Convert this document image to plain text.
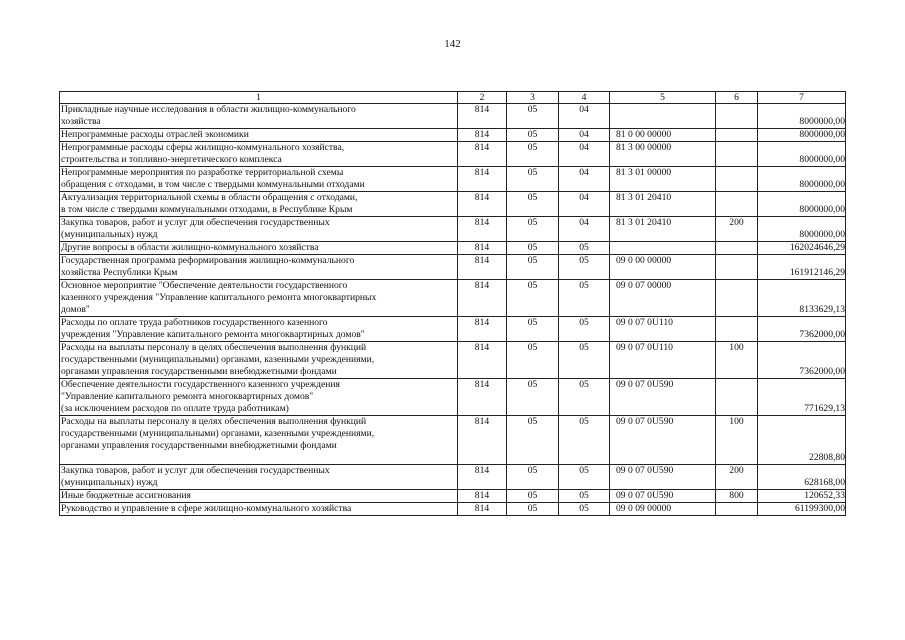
142
1	2	3	4	5	6	7

Прикладные научные исследования в области жилищно-коммунального
хозяйства	814	05	04			8000000,00

Непрограммные расходы отраслей экономики	814	05	04	81 0 00 00000		8000000,00

Непрограммные расходы сферы жилищно-коммунального хозяйства,
строительства и топливно-энергетического комплекса	814	05	04	81 3 00 00000		8000000,00

Непрограммные мероприятия по разработке территориальной схемы
обращения с отходами, в том числе с твердыми коммунальными отходами	814	05	04	81 3 01 00000		8000000,00

Актуализация территориальной схемы в области обращения с отходами,
в том числе с твердыми коммунальными отходами, в Республике Крым	814	05	04	81 3 01 20410		8000000,00

Закупка товаров, работ и услуг для обеспечения государственных
(муниципальных) нужд	814	05	04	81 3 01 20410	200	8000000,00

Другие вопросы в области жилищно-коммунального хозяйства	814	05	05			162024646,29

Государственная программа реформирования жилищно-коммунального
хозяйства Республики Крым	814	05	05	09 0 00 00000		161912146,29

Основное мероприятие "Обеспечение деятельности государственного
казенного учреждения "Управление капитального ремонта многоквартирных
домов"	814	05	05	09 0 07 00000		8133629,13

Расходы по оплате труда работников государственного казенного
учреждения "Управление капитального ремонта многоквартирных домов"	814	05	05	09 0 07 0U110		7362000,00

Расходы на выплаты персоналу в целях обеспечения выполнения функций
государственными (муниципальными) органами, казенными учреждениями,
органами управления государственными внебюджетными фондами	814	05	05	09 0 07 0U110	100	7362000,00

Обеспечение деятельности государственного казенного учреждения
"Управление капитального ремонта многоквартирных домов"
(за исключением расходов по оплате труда работникам)	814	05	05	09 0 07 0U590		771629,13

Расходы на выплаты персоналу в целях обеспечения выполнения функций
государственными (муниципальными) органами, казенными учреждениями,
органами управления государственными внебюджетными фондами	814	05	05	09 0 07 0U590	100	22808,80

Закупка товаров, работ и услуг для обеспечения государственных
(муниципальных) нужд	814	05	05	09 0 07 0U590	200	628168,00

Иные бюджетные ассигнования	814	05	05	09 0 07 0U590	800	120652,33

Руководство и управление в сфере жилищно-коммунального хозяйства	814	05	05	09 0 09 00000		61199300,00
